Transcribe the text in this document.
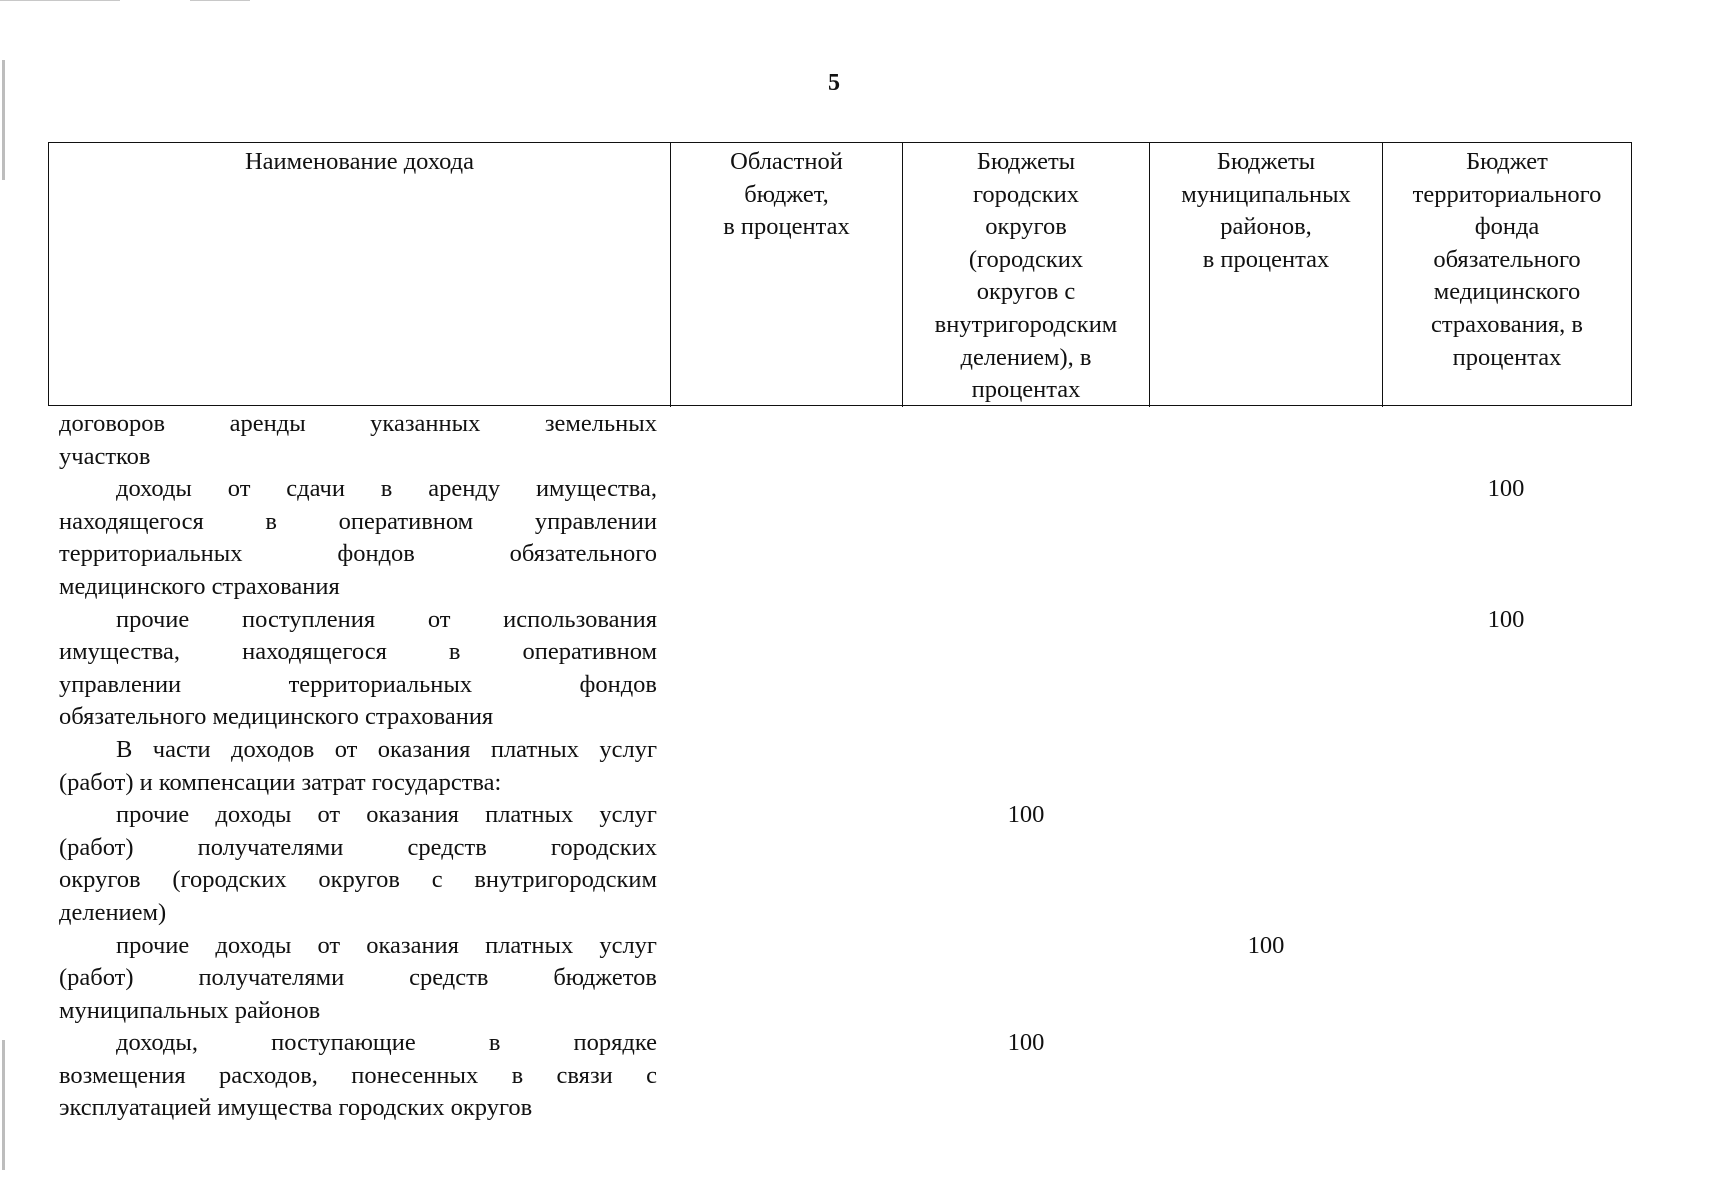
5
Наименование дохода	Областной
бюджет,
в процентах
Бюджеты
городских
округов
(городских
округов с
внутригородским
делением), в
процентах
Бюджеты
муниципальных
районов,
в процентах
Бюджет
территориального
фонда
обязательного
медицинского
страхования, в
процентах
договоров аренды указанных земельных
участков
доходы от сдачи в аренду имущества,
находящегося в оперативном управлении
территориальных фондов обязательного
медицинского страхования
100
прочие поступления от использования
имущества, находящегося в оперативном
управлении территориальных фондов
обязательного медицинского страхования
100
В части доходов от оказания платных услуг
(работ) и компенсации затрат государства:
прочие доходы от оказания платных услуг
(работ) получателями средств городских
округов (городских округов с внутригородским
делением)
100
прочие доходы от оказания платных услуг
(работ) получателями средств бюджетов
муниципальных районов
100
доходы, поступающие в порядке
возмещения расходов, понесенных в связи с
эксплуатацией имущества городских округов
100
